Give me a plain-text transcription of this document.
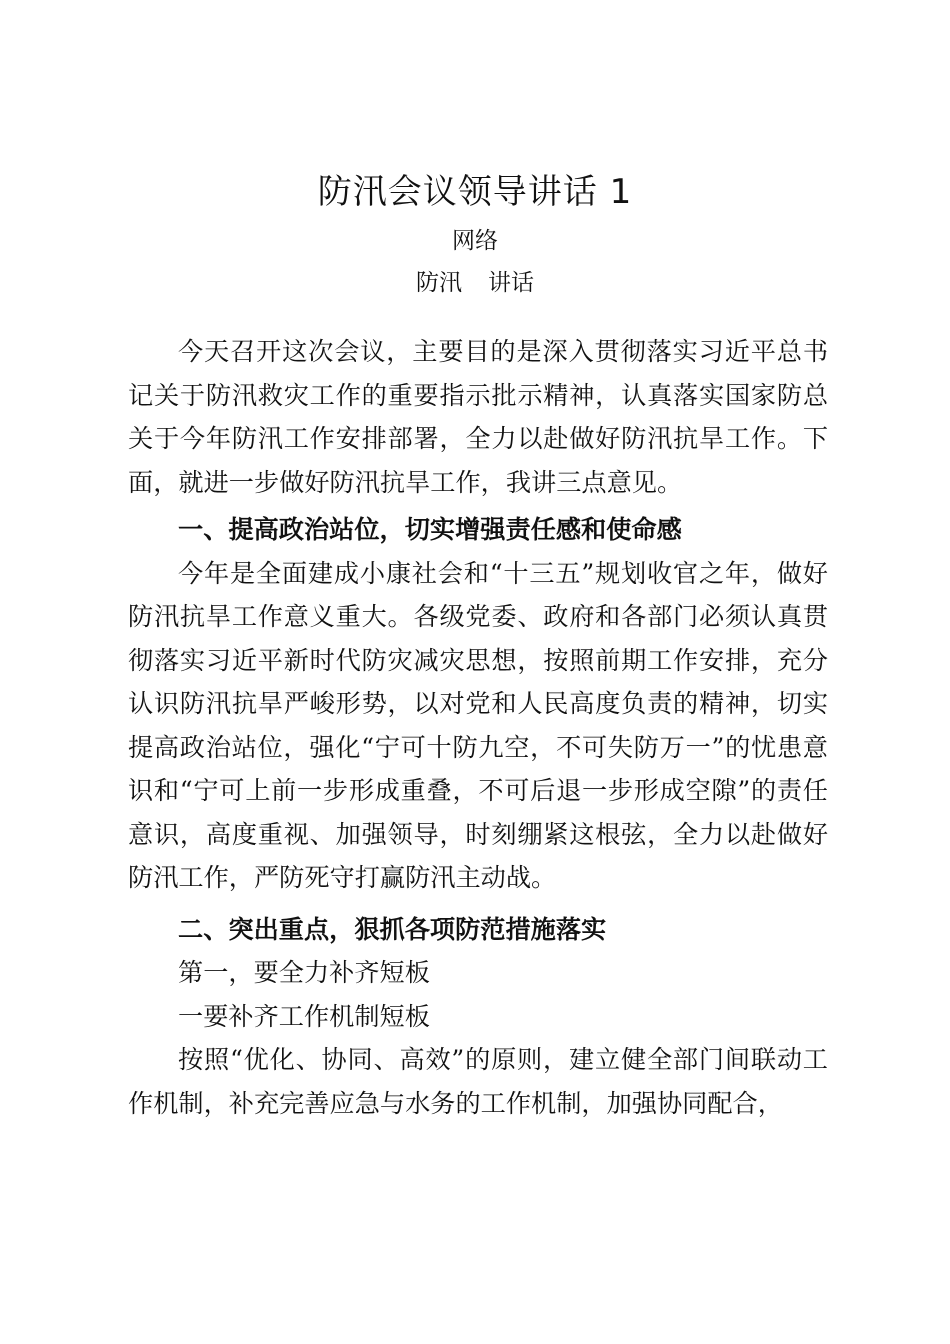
防汛会议领导讲话 1
网络
防汛 讲话

今天召开这次会议，主要目的是深入贯彻落实习近平总书记关于防汛救灾工作的重要指示批示精神，认真落实国家防总关于今年防汛工作安排部署，全力以赴做好防汛抗旱工作。下面，就进一步做好防汛抗旱工作，我讲三点意见。

一、提高政治站位，切实增强责任感和使命感

今年是全面建成小康社会和“十三五”规划收官之年，做好防汛抗旱工作意义重大。各级党委、政府和各部门必须认真贯彻落实习近平新时代防灾减灾思想，按照前期工作安排，充分认识防汛抗旱严峻形势，以对党和人民高度负责的精神，切实提高政治站位，强化“宁可十防九空，不可失防万一”的忧患意识和“宁可上前一步形成重叠，不可后退一步形成空隙”的责任意识，高度重视、加强领导，时刻绷紧这根弦，全力以赴做好防汛工作，严防死守打赢防汛主动战。

二、突出重点，狠抓各项防范措施落实

第一，要全力补齐短板

一要补齐工作机制短板

按照“优化、协同、高效”的原则，建立健全部门间联动工作机制，补充完善应急与水务的工作机制，加强协同配合，
